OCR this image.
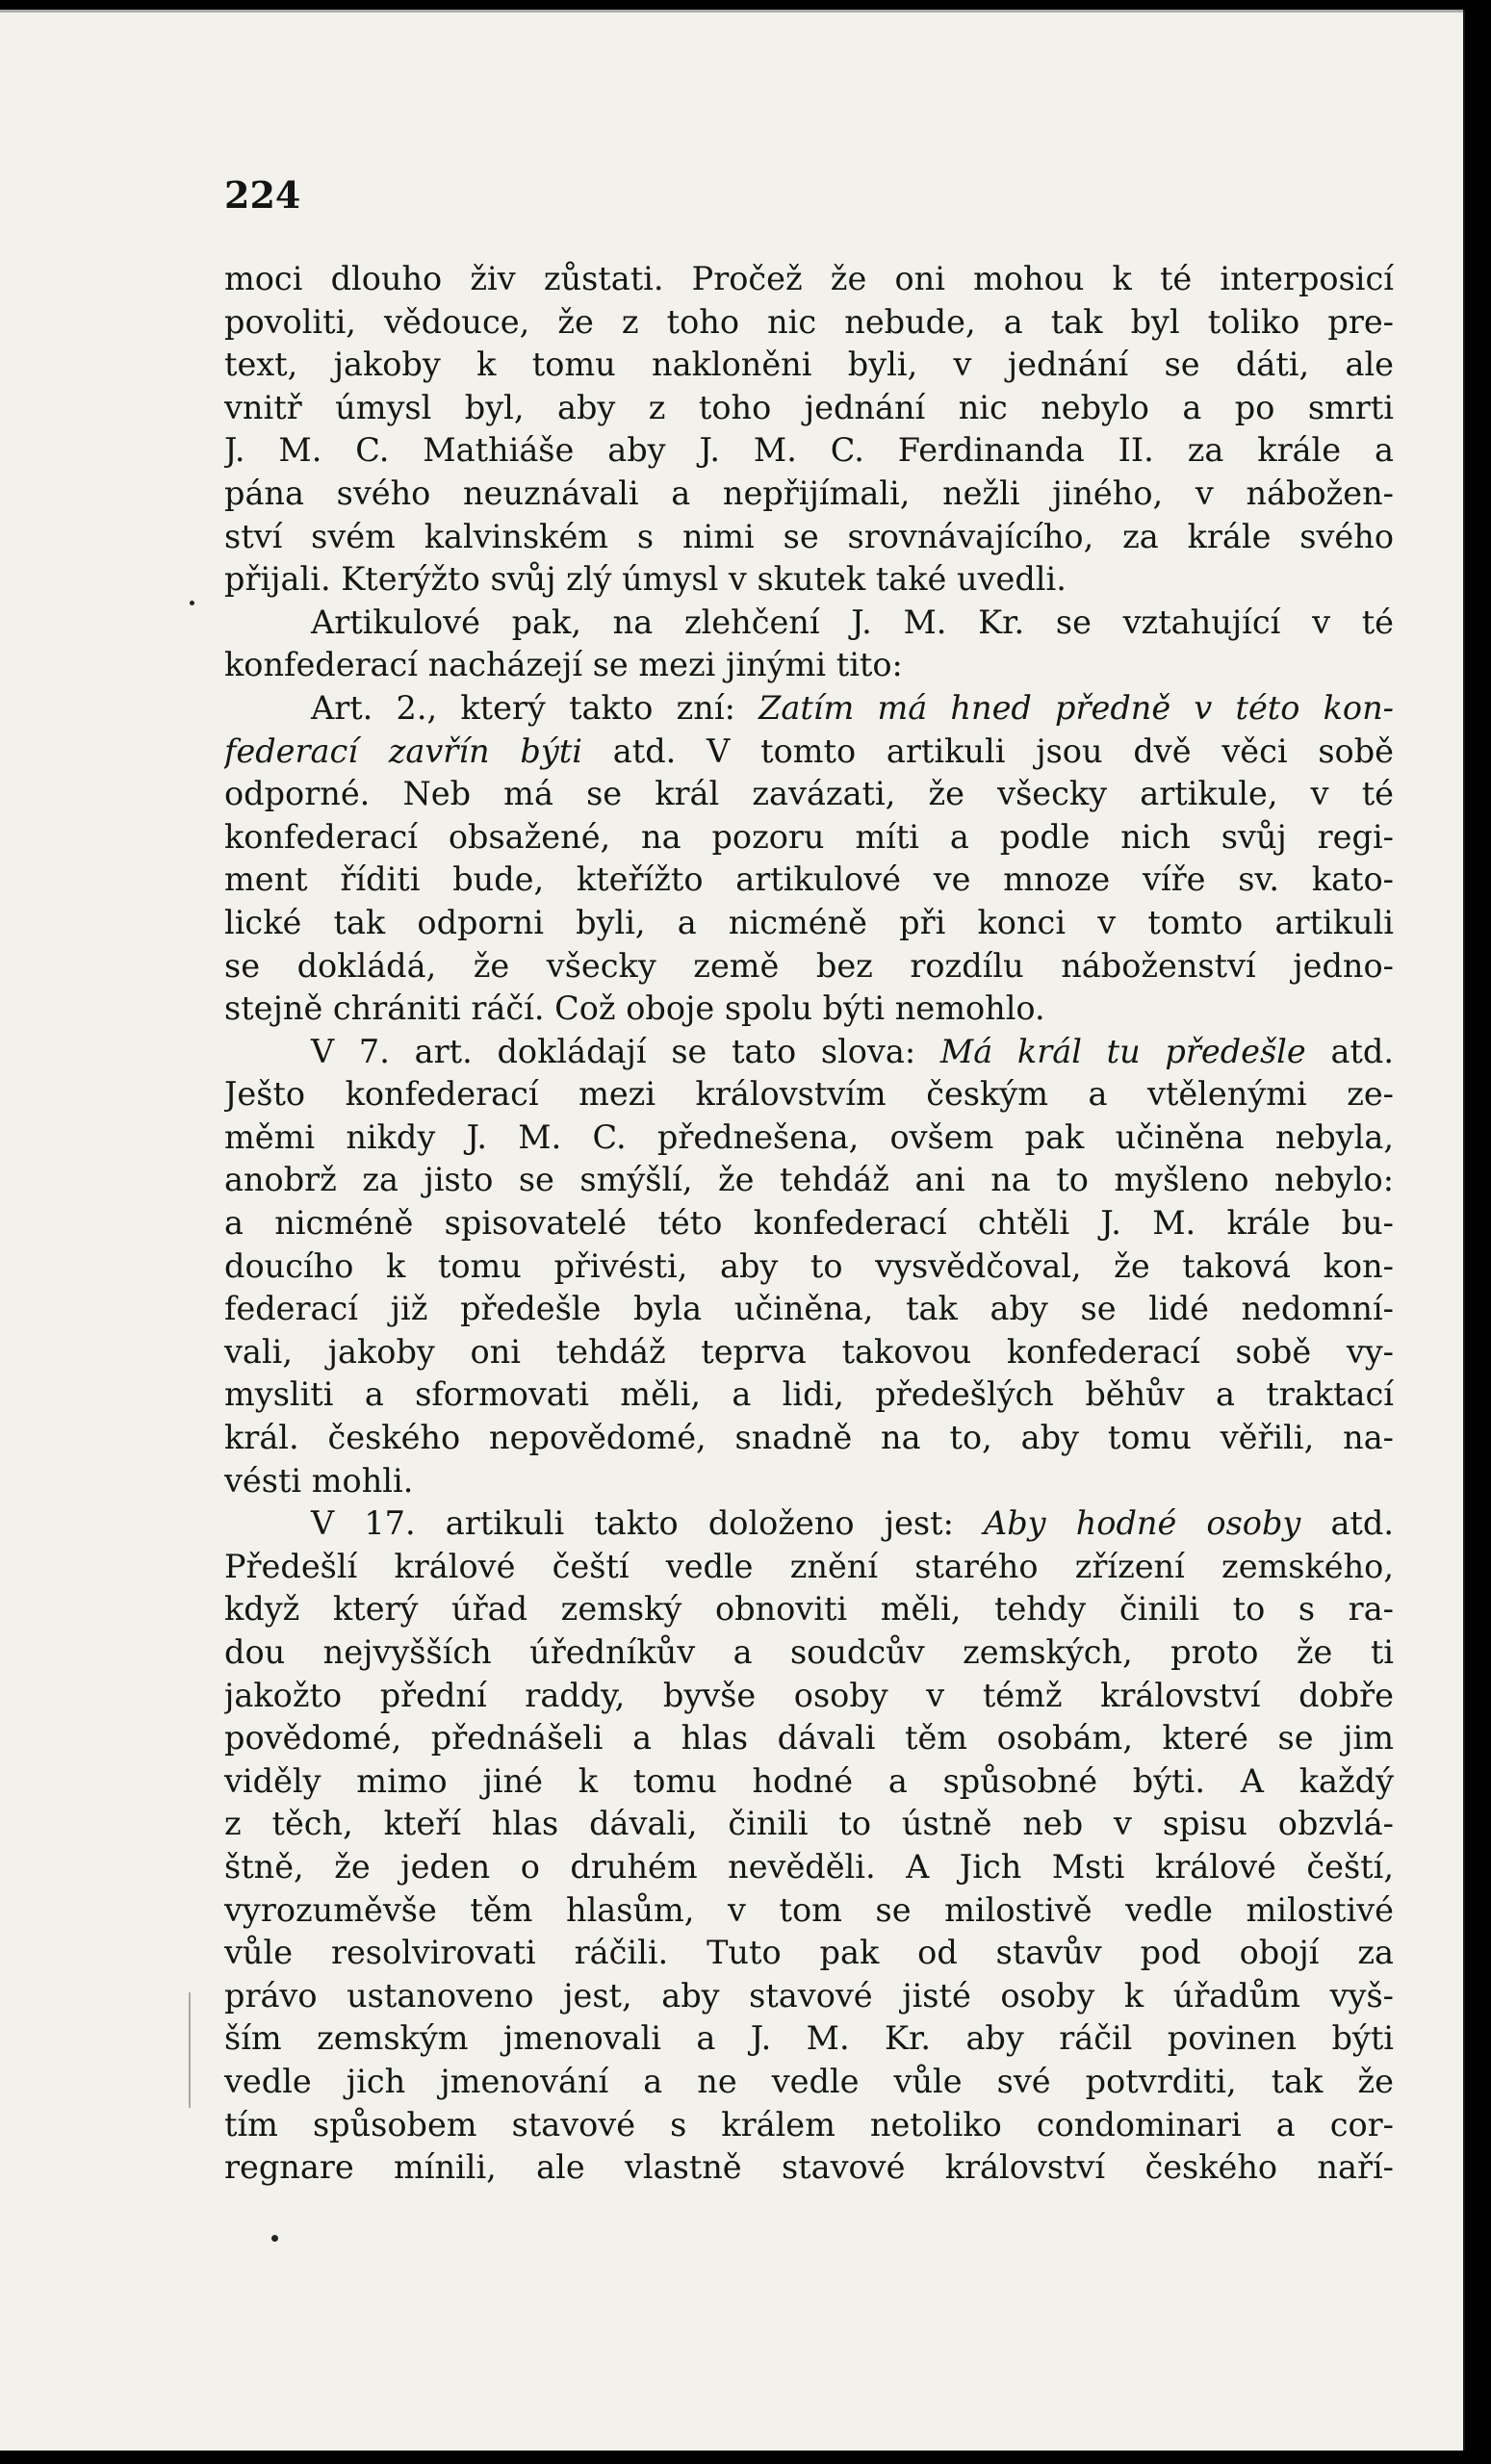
224
moci dlouho živ zůstati. Pročež že oni mohou k té interposicí
povoliti, vědouce, že z toho nic nebude, a tak byl toliko pre-
text, jakoby k tomu nakloněni byli, v jednání se dáti, ale
vnitř úmysl byl, aby z toho jednání nic nebylo a po smrti
J. M. C. Mathiáše aby J. M. C. Ferdinanda II. za krále a
pána svého neuznávali a nepřijímali, nežli jiného, v nábožen-
ství svém kalvinském s nimi se srovnávajícího, za krále svého
přijali. Kterýžto svůj zlý úmysl v skutek také uvedli.
Artikulové pak, na zlehčení J. M. Kr. se vztahující v té
konfederací nacházejí se mezi jinými tito:
Art. 2., který takto zní: Zatím má hned předně v této kon-
federací zavřín býti atd. V tomto artikuli jsou dvě věci sobě
odporné. Neb má se král zavázati, že všecky artikule, v té
konfederací obsažené, na pozoru míti a podle nich svůj regi-
ment říditi bude, kteřížto artikulové ve mnoze víře sv. kato-
lické tak odporni byli, a nicméně při konci v tomto artikuli
se dokládá, že všecky země bez rozdílu náboženství jedno-
stejně chrániti ráčí. Což oboje spolu býti nemohlo.
V 7. art. dokládají se tato slova: Má král tu předešle atd.
Ješto konfederací mezi královstvím českým a vtělenými ze-
měmi nikdy J. M. C. přednešena, ovšem pak učiněna nebyla,
anobrž za jisto se smýšlí, že tehdáž ani na to myšleno nebylo:
a nicméně spisovatelé této konfederací chtěli J. M. krále bu-
doucího k tomu přivésti, aby to vysvědčoval, že taková kon-
federací již předešle byla učiněna, tak aby se lidé nedomní-
vali, jakoby oni tehdáž teprva takovou konfederací sobě vy-
mysliti a sformovati měli, a lidi, předešlých běhův a traktací
král. českého nepovědomé, snadně na to, aby tomu věřili, na-
vésti mohli.
V 17. artikuli takto doloženo jest: Aby hodné osoby atd.
Předešlí králové čeští vedle znění starého zřízení zemského,
když který úřad zemský obnoviti měli, tehdy činili to s ra-
dou nejvyšších úředníkův a soudcův zemských, proto že ti
jakožto přední raddy, byvše osoby v témž království dobře
povědomé, přednášeli a hlas dávali těm osobám, které se jim
viděly mimo jiné k tomu hodné a spůsobné býti. A každý
z těch, kteří hlas dávali, činili to ústně neb v spisu obzvlá-
štně, že jeden o druhém nevěděli. A Jich Msti králové čeští,
vyrozuměvše těm hlasům, v tom se milostivě vedle milostivé
vůle resolvirovati ráčili. Tuto pak od stavův pod obojí za
právo ustanoveno jest, aby stavové jisté osoby k úřadům vyš-
ším zemským jmenovali a J. M. Kr. aby ráčil povinen býti
vedle jich jmenování a ne vedle vůle své potvrditi, tak že
tím spůsobem stavové s králem netoliko condominari a cor-
regnare mínili, ale vlastně stavové království českého naří-
